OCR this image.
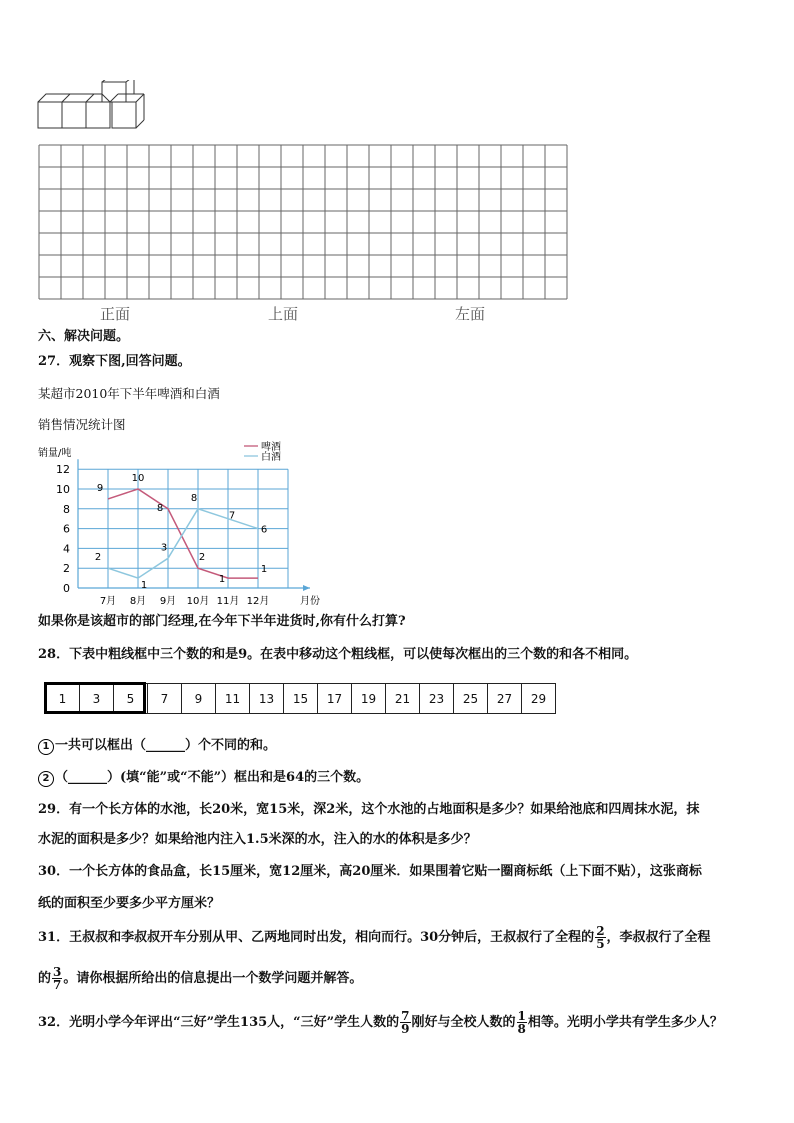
正面	上面	左面
六、解决问题。
27．观察下图,回答问题。
某超市2010年下半年啤酒和白酒
销售情况统计图
0
2
4
6
8
10
12
销量/吨
7月 8月 9月 10月 11月 12月	月份
啤酒
白酒
9
10
8
2
1
1
2
1
3
8
7
6
如果你是该超市的部门经理,在今年下半年进货时,你有什么打算?
28．下表中粗线框中三个数的和是9。在表中移动这个粗线框，可以使每次框出的三个数的和各不相同。
1	3	5	7	9	11	13	15	17	19	21	23	25	27	29
1 一共可以框出（______）个不同的和。
2 （______）(填“能”或“不能”）框出和是64的三个数。
29．有一个长方体的水池，长20米，宽15米，深2米，这个水池的占地面积是多少？如果给池底和四周抹水泥，抹
水泥的面积是多少？如果给池内注入1.5米深的水，注入的水的体积是多少？
30．一个长方体的食品盒，长15厘米，宽12厘米，高20厘米．如果围着它贴一圈商标纸（上下面不贴），这张商标
纸的面积至少要多少平方厘米？
31．王叔叔和李叔叔开车分别从甲、乙两地同时出发，相向而行。30分钟后，王叔叔行了全程的 $\frac{2}{5}$ ，李叔叔行了全程
的 $\frac{3}{7}$ 。请你根据所给出的信息提出一个数学问题并解答。
32．光明小学今年评出“三好”学生135人，“三好”学生人数的 $\frac{7}{9}$ 刚好与全校人数的 $\frac{1}{8}$ 相等。光明小学共有学生多少人？
